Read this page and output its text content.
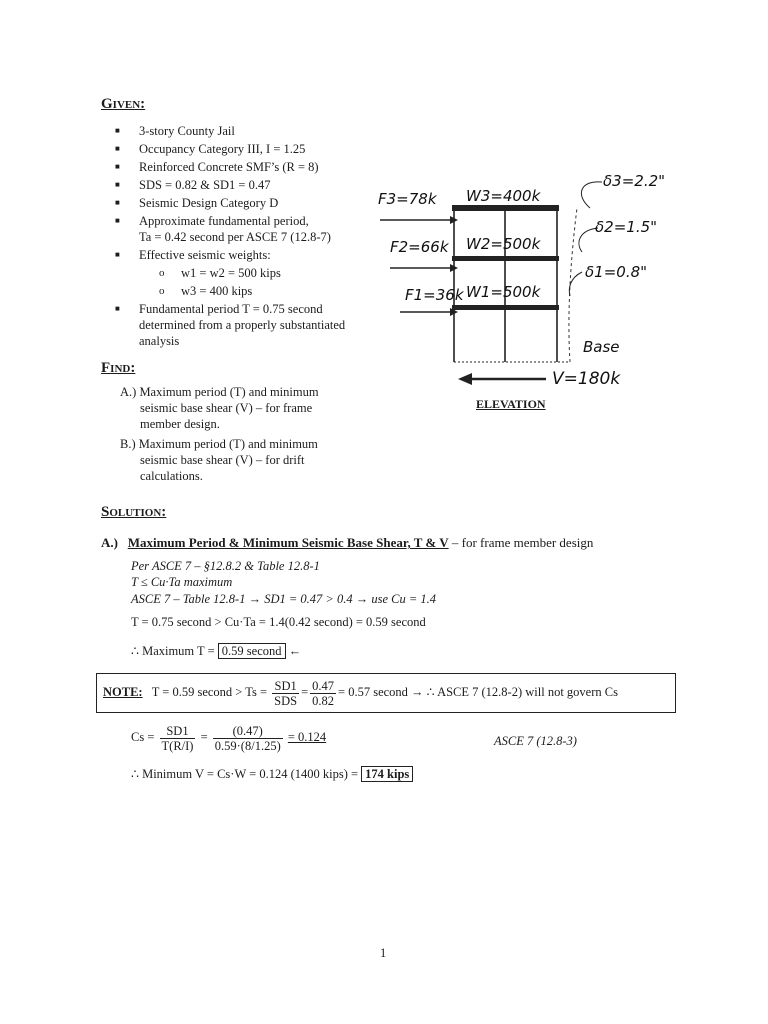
Given:
■ 3-story County Jail
■ Occupancy Category III, I = 1.25
■ Reinforced Concrete SMF’s (R = 8)
■ SDS = 0.82 & SD1 = 0.47
■ Seismic Design Category D
■ Approximate fundamental period,
Ta = 0.42 second per ASCE 7 (12.8-7)
■ Effective seismic weights:
o w1 = w2 = 500 kips
o w3 = 400 kips
■ Fundamental period T = 0.75 second
determined from a properly substantiated
analysis
Find:
A.) Maximum period (T) and minimum
seismic base shear (V) – for frame
member design.
B.) Maximum period (T) and minimum
seismic base shear (V) – for drift
calculations.
F3=78k
F2=66k
F1=36k
W3=400k
W2=500k
W1=500k
δ3=2.2"
δ2=1.5"
δ1=0.8"
Base
V=180k
ELEVATION
Solution:
A.) Maximum Period & Minimum Seismic Base Shear, T & V – for frame member design
Per ASCE 7 – §12.8.2 & Table 12.8-1
T ≤ Cu·Ta maximum
ASCE 7 – Table 12.8-1 → SD1 = 0.47 > 0.4 → use Cu = 1.4
T = 0.75 second > Cu·Ta = 1.4(0.42 second) = 0.59 second
∴ Maximum T = 0.59 second ←
NOTE: T = 0.59 second > $Ts = \frac{SD1}{\text{SDS}} = \frac{0.47}{0.82} = 0.57$ second → ∴ ASCE 7 (12.8-2) will not govern Cs
$Cs = \frac{SD1}{T(R/I)} = \frac{(0.47)}{0.59\cdot(8/1.25)} = 0.124$	ASCE 7 (12.8-3)
∴ Minimum V = Cs·W = 0.124 (1400 kips) = 174 kips
1
